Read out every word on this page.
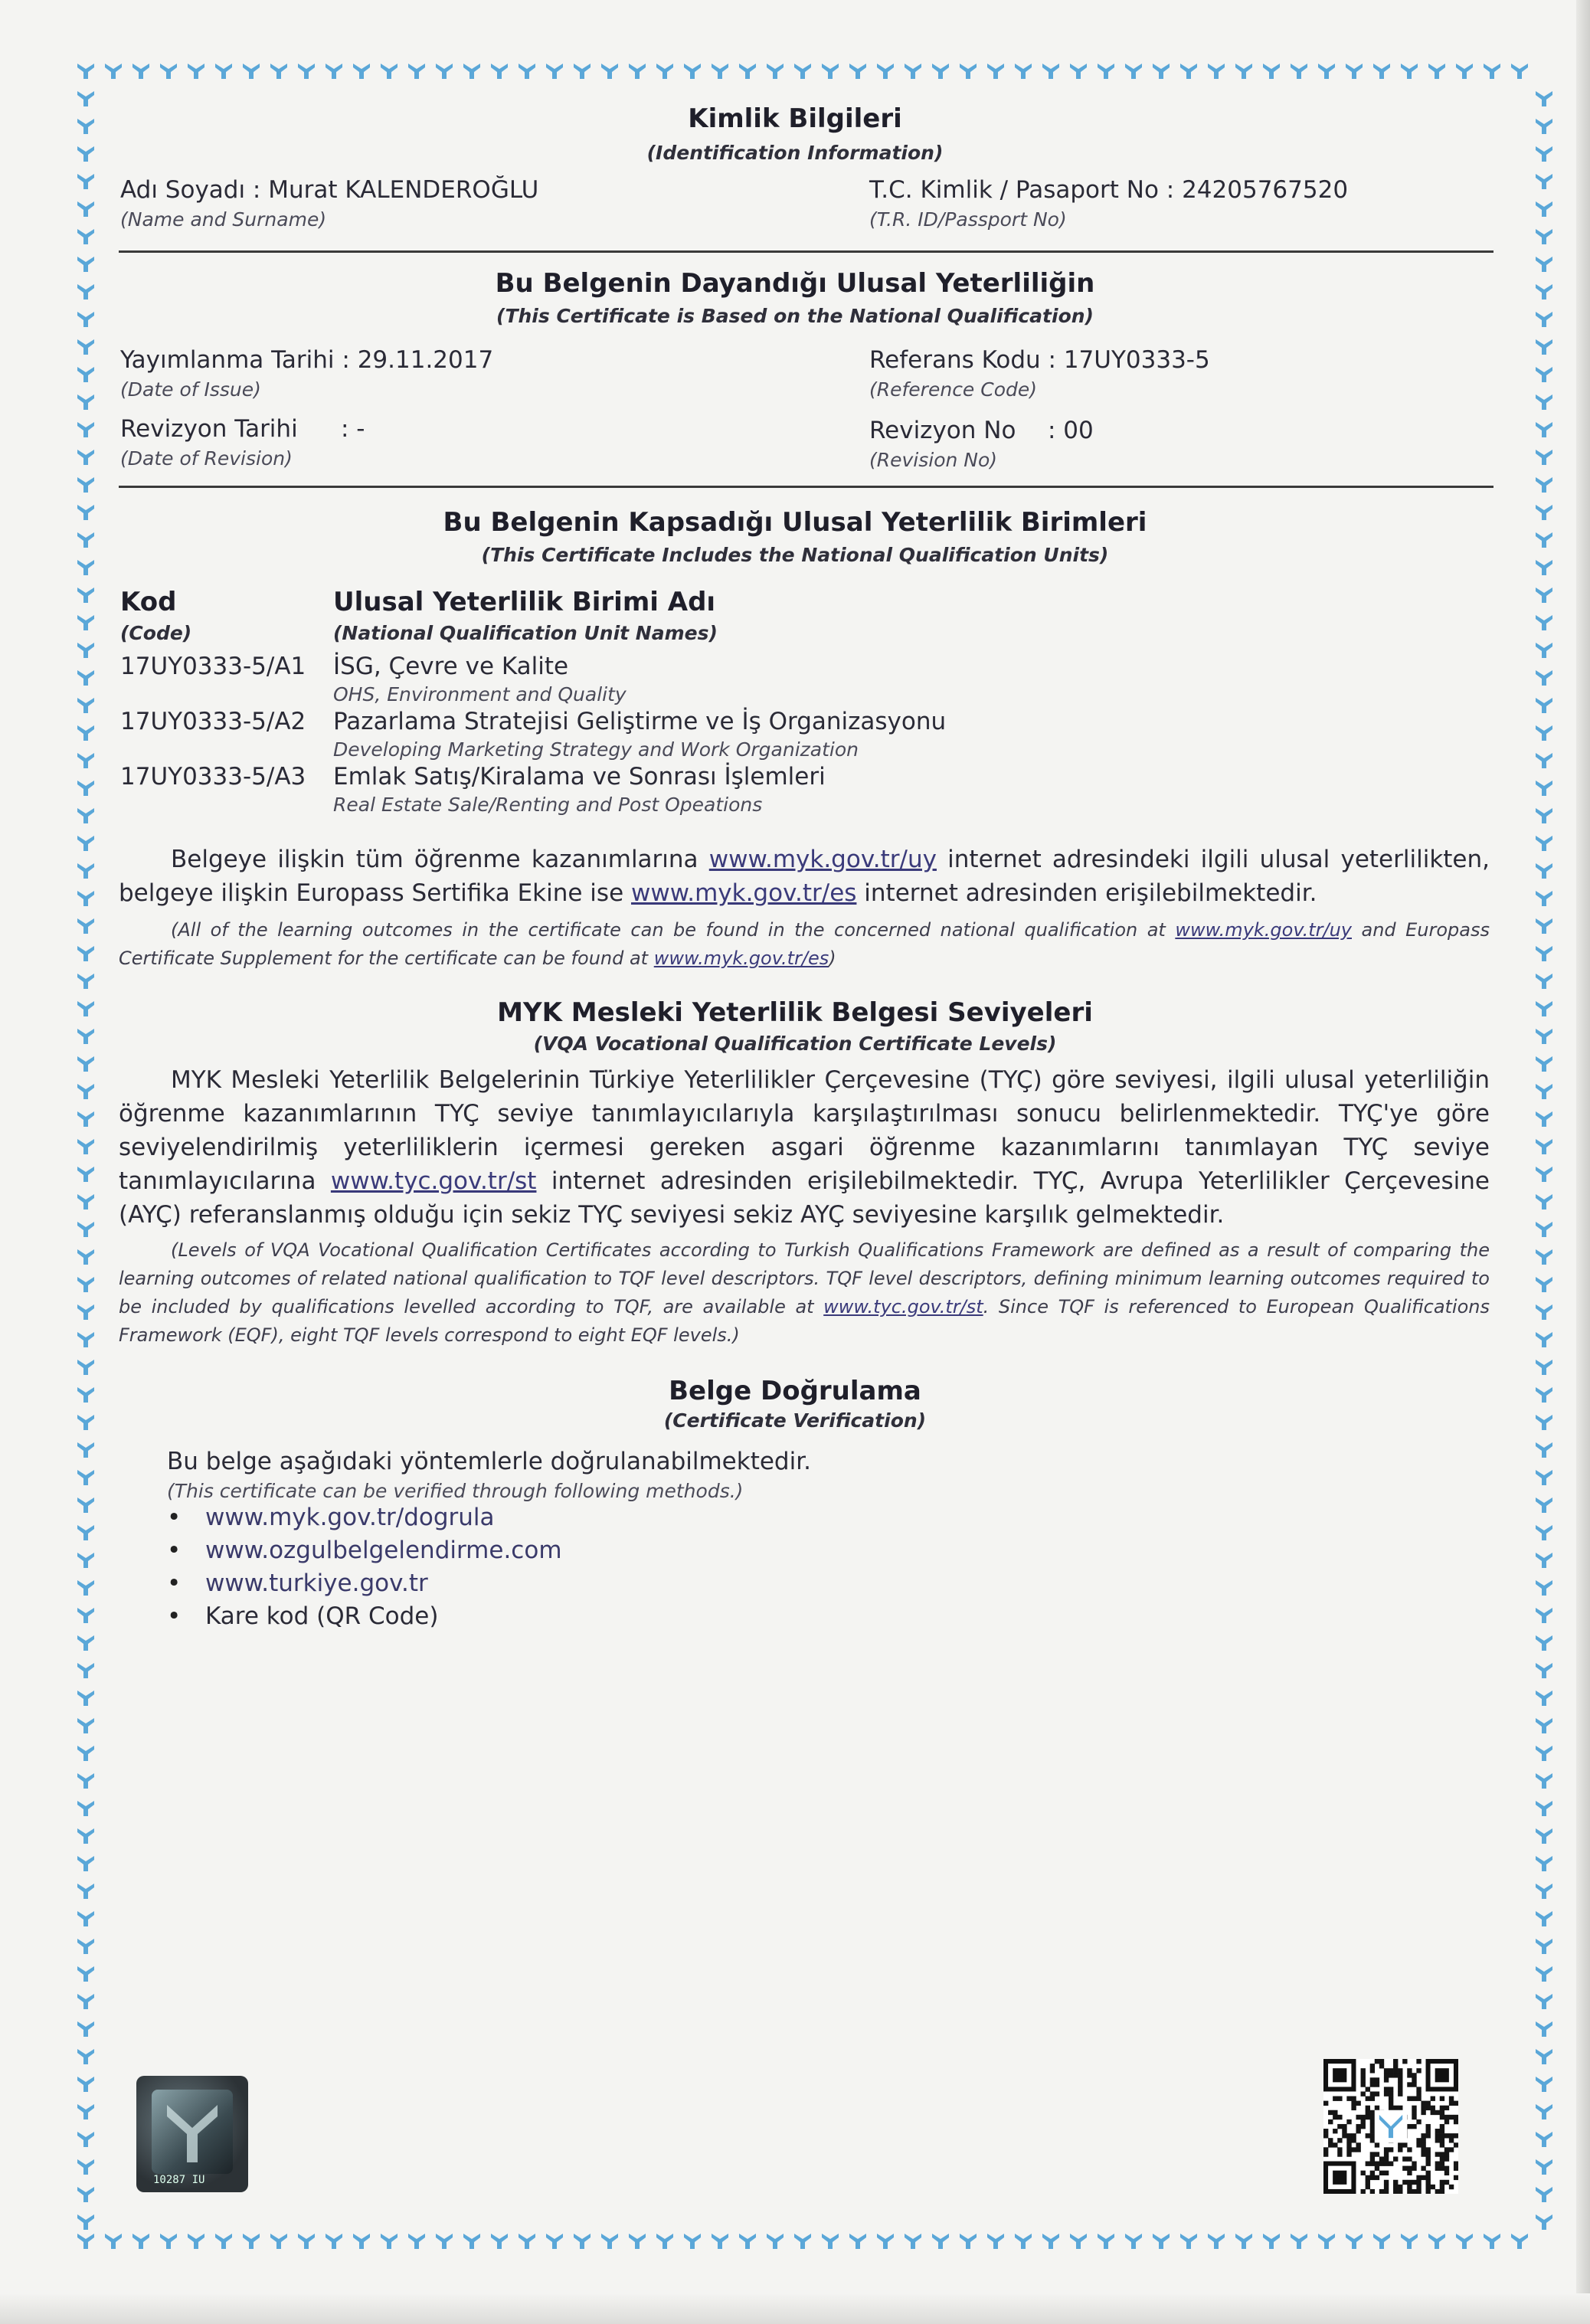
Kimlik Bilgileri
(Identification Information)
Adı Soyadı : Murat KALENDEROĞLU
(Name and Surname)
T.C. Kimlik / Pasaport No : 24205767520
(T.R. ID/Passport No)
Bu Belgenin Dayandığı Ulusal Yeterliliğin
(This Certificate is Based on the National Qualification)
Yayımlanma Tarihi : 29.11.2017
(Date of Issue)
Referans Kodu : 17UY0333-5
(Reference Code)
Revizyon Tarihi : -
(Date of Revision)
Revizyon No : 00
(Revision No)
Bu Belgenin Kapsadığı Ulusal Yeterlilik Birimleri
(This Certificate Includes the National Qualification Units)
Kod
(Code)
Ulusal Yeterlilik Birimi Adı
(National Qualification Unit Names)
17UY0333-5/A1 İSG, Çevre ve Kalite
OHS, Environment and Quality
17UY0333-5/A2 Pazarlama Stratejisi Geliştirme ve İş Organizasyonu
Developing Marketing Strategy and Work Organization
17UY0333-5/A3 Emlak Satış/Kiralama ve Sonrası İşlemleri
Real Estate Sale/Renting and Post Opeations
Belgeye ilişkin tüm öğrenme kazanımlarına www.myk.gov.tr/uy internet adresindeki ilgili ulusal yeterlilikten, belgeye ilişkin Europass Sertifika Ekine ise www.myk.gov.tr/es internet adresinden erişilebilmektedir.
(All of the learning outcomes in the certificate can be found in the concerned national qualification at www.myk.gov.tr/uy and Europass Certificate Supplement for the certificate can be found at www.myk.gov.tr/es)
MYK Mesleki Yeterlilik Belgesi Seviyeleri
(VQA Vocational Qualification Certificate Levels)
MYK Mesleki Yeterlilik Belgelerinin Türkiye Yeterlilikler Çerçevesine (TYÇ) göre seviyesi, ilgili ulusal yeterliliğin öğrenme kazanımlarının TYÇ seviye tanımlayıcılarıyla karşılaştırılması sonucu belirlenmektedir. TYÇ'ye göre seviyelendirilmiş yeterliliklerin içermesi gereken asgari öğrenme kazanımlarını tanımlayan TYÇ seviye tanımlayıcılarına www.tyc.gov.tr/st internet adresinden erişilebilmektedir. TYÇ, Avrupa Yeterlilikler Çerçevesine (AYÇ) referanslanmış olduğu için sekiz TYÇ seviyesi sekiz AYÇ seviyesine karşılık gelmektedir.
(Levels of VQA Vocational Qualification Certificates according to Turkish Qualifications Framework are defined as a result of comparing the learning outcomes of related national qualification to TQF level descriptors. TQF level descriptors, defining minimum learning outcomes required to be included by qualifications levelled according to TQF, are available at www.tyc.gov.tr/st. Since TQF is referenced to European Qualifications Framework (EQF), eight TQF levels correspond to eight EQF levels.)
Belge Doğrulama
(Certificate Verification)
Bu belge aşağıdaki yöntemlerle doğrulanabilmektedir.
(This certificate can be verified through following methods.)
• www.myk.gov.tr/dogrula
• www.ozgulbelgelendirme.com
• www.turkiye.gov.tr
• Kare kod (QR Code)
10287 IU
